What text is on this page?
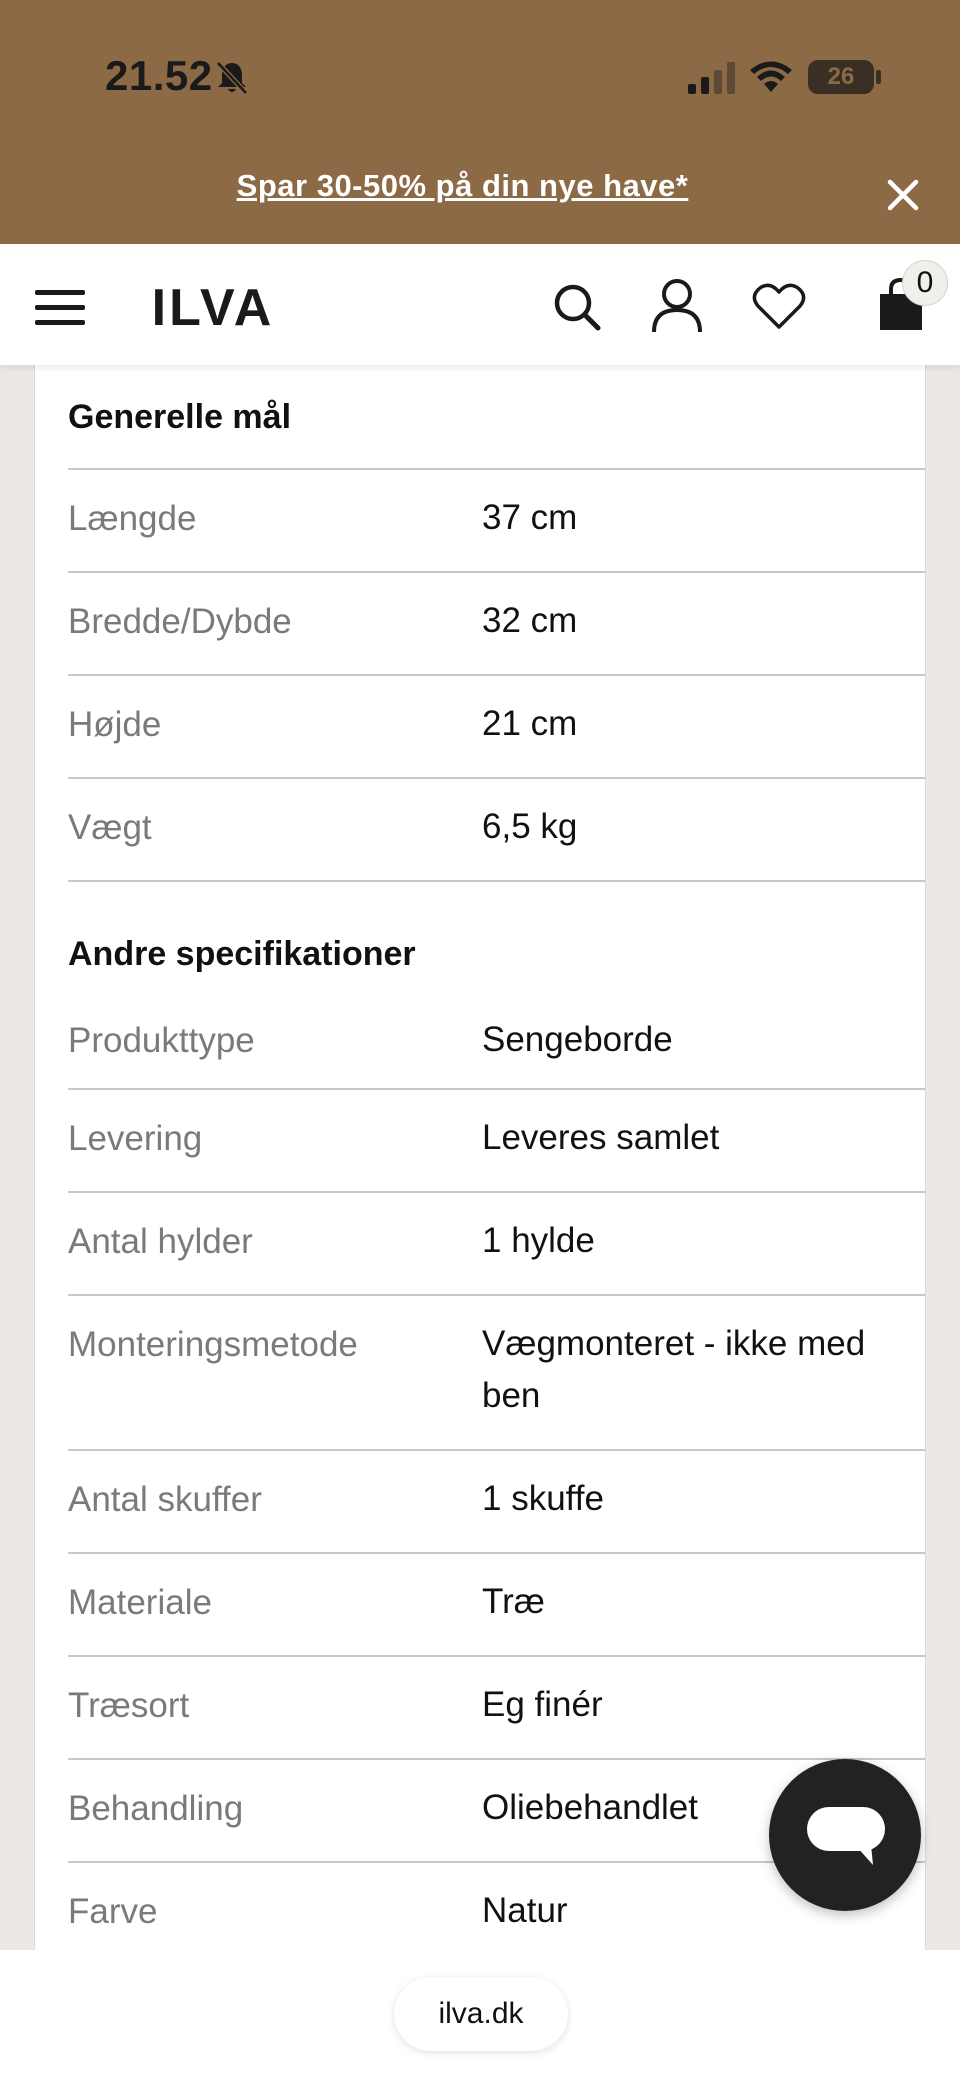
21.52	26
Spar 30-50% på din nye have*
ILVA	0
Generelle mål
Længde	37 cm
Bredde/Dybde	32 cm
Højde	21 cm
Vægt	6,5 kg
Andre specifikationer
Produkttype	Sengeborde
Levering	Leveres samlet
Antal hylder	1 hylde
Monteringsmetode	Vægmonteret - ikke med ben
Antal skuffer	1 skuffe
Materiale	Træ
Træsort	Eg finér
Behandling	Oliebehandlet
Farve	Natur
ilva.dk
